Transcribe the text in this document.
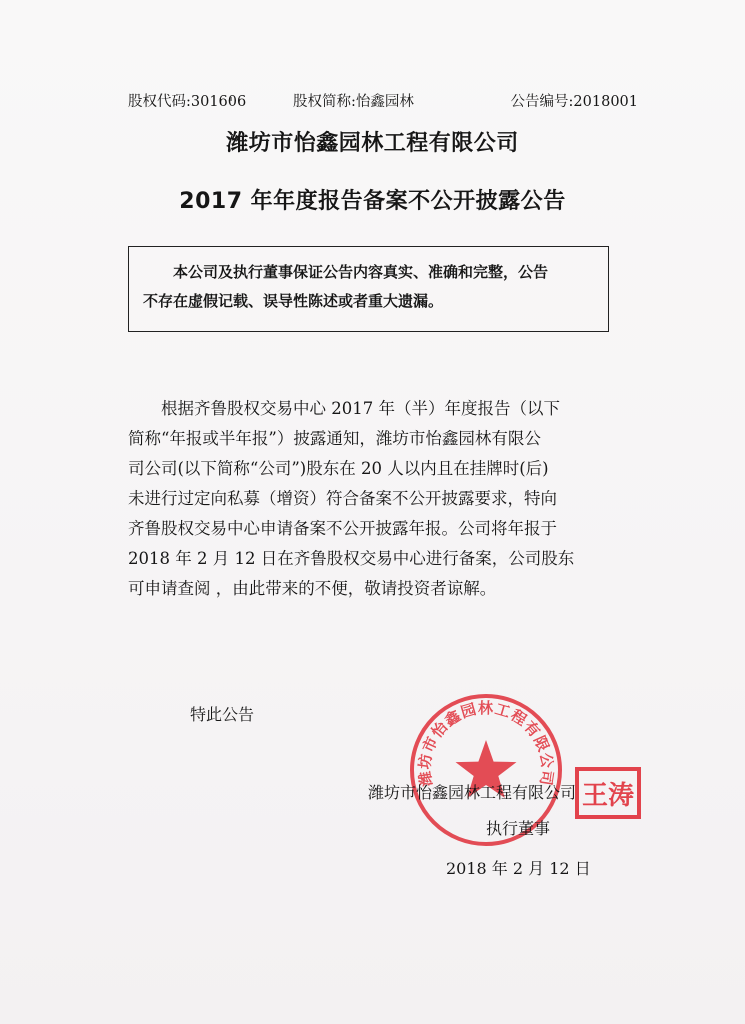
股权代码:301606	股权简称:怡鑫园林	公告编号:2018001
潍坊市怡鑫园林工程有限公司
2017 年年度报告备案不公开披露公告
本公司及执行董事保证公告内容真实、准确和完整，公告
不存在虚假记载、误导性陈述或者重大遗漏。
　　根据齐鲁股权交易中心 2017 年（半）年度报告（以下
简称“年报或半年报”）披露通知，潍坊市怡鑫园林有限公
司公司(以下简称“公司”)股东在 20 人以内且在挂牌时(后)
未进行过定向私募（增资）符合备案不公开披露要求，特向
齐鲁股权交易中心申请备案不公开披露年报。公司将年报于
2018 年 2 月 12 日在齐鲁股权交易中心进行备案，公司股东
可申请查阅 ，由此带来的不便，敬请投资者谅解。
特此公告
潍坊市怡鑫园林工程有限公司
王涛
潍坊市怡鑫园林工程有限公司
执行董事
2018 年 2 月 12 日
